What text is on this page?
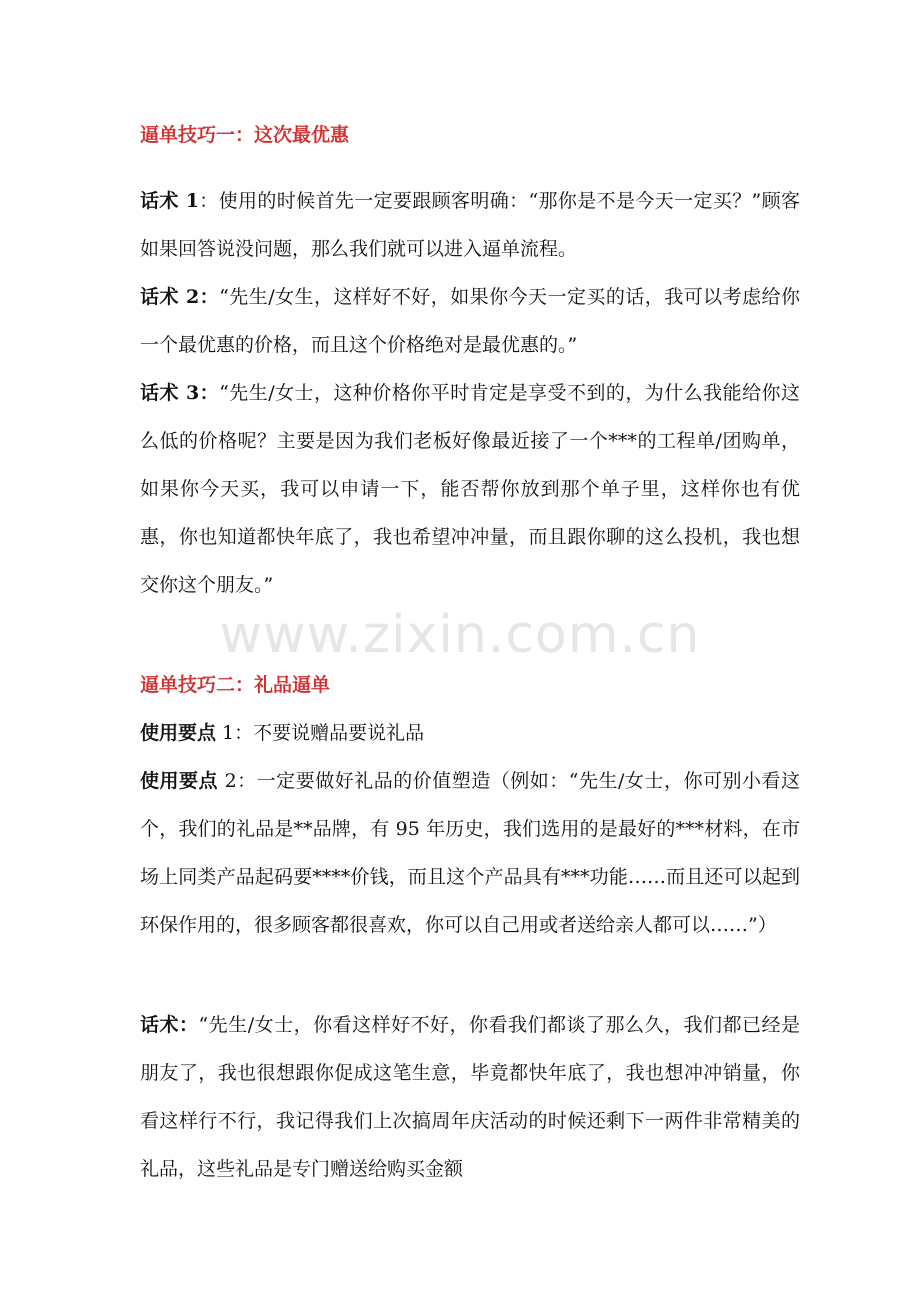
逼单技巧一：这次最优惠
话术 1：使用的时候首先一定要跟顾客明确：“那你是不是今天一定买？”顾客如果回答说没问题，那么我们就可以进入逼单流程。
话术 2：“先生/女生，这样好不好，如果你今天一定买的话，我可以考虑给你一个最优惠的价格，而且这个价格绝对是最优惠的。”
话术 3：“先生/女士，这种价格你平时肯定是享受不到的，为什么我能给你这么低的价格呢？主要是因为我们老板好像最近接了一个***的工程单/团购单，如果你今天买，我可以申请一下，能否帮你放到那个单子里，这样你也有优惠，你也知道都快年底了，我也希望冲冲量，而且跟你聊的这么投机，我也想交你这个朋友。”
www.zixin.com.cn
逼单技巧二：礼品逼单
使用要点 1：不要说赠品要说礼品
使用要点 2：一定要做好礼品的价值塑造（例如：“先生/女士，你可别小看这个，我们的礼品是**品牌，有 95 年历史，我们选用的是最好的***材料，在市场上同类产品起码要****价钱，而且这个产品具有***功能……而且还可以起到环保作用的，很多顾客都很喜欢，你可以自己用或者送给亲人都可以……”）
话术：“先生/女士，你看这样好不好，你看我们都谈了那么久，我们都已经是朋友了，我也很想跟你促成这笔生意，毕竟都快年底了，我也想冲冲销量，你看这样行不行，我记得我们上次搞周年庆活动的时候还剩下一两件非常精美的礼品，这些礼品是专门赠送给购买金额
